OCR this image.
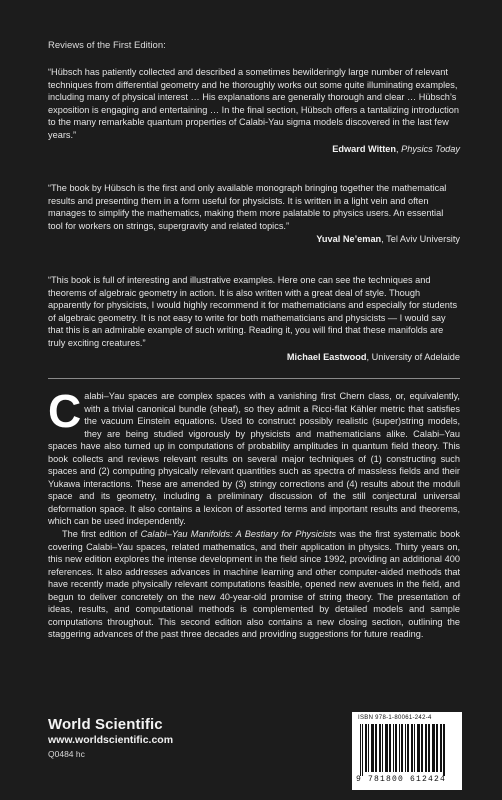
Reviews of the First Edition:

“Hübsch has patiently collected and described a sometimes bewilderingly large number of relevant techniques from differential geometry and he thoroughly works out some quite illuminating examples, including many of physical interest … His explanations are generally thorough and clear … Hübsch’s exposition is engaging and entertaining … In the final section, Hübsch offers a tantalizing introduction to the many remarkable quantum properties of Calabi-Yau sigma models discovered in the last few years.”

Edward Witten, Physics Today

“The book by Hübsch is the first and only available monograph bringing together the mathematical results and presenting them in a form useful for physicists. It is written in a light vein and often manages to simplify the mathematics, making them more palatable to physics users. An essential tool for workers on strings, supergravity and related topics.”

Yuval Ne’eman, Tel Aviv University

“This book is full of interesting and illustrative examples. Here one can see the techniques and theorems of algebraic geometry in action. It is also written with a great deal of style. Though apparently for physicists, I would highly recommend it for mathematicians and especially for students of algebraic geometry. It is not easy to write for both mathematicians and physicists — I would say that this is an admirable example of such writing. Reading it, you will find that these manifolds are truly exciting creatures.”

Michael Eastwood, University of Adelaide

Calabi–Yau spaces are complex spaces with a vanishing first Chern class, or, equivalently, with a trivial canonical bundle (sheaf), so they admit a Ricci-flat Kähler metric that satisfies the vacuum Einstein equations. Used to construct possibly realistic (super)string models, they are being studied vigorously by physicists and mathematicians alike. Calabi–Yau spaces have also turned up in computations of probability amplitudes in quantum field theory. This book collects and reviews relevant results on several major techniques of (1) constructing such spaces and (2) computing physically relevant quantities such as spectra of massless fields and their Yukawa interactions. These are amended by (3) stringy corrections and (4) results about the moduli space and its geometry, including a preliminary discussion of the still conjectural universal deformation space. It also contains a lexicon of assorted terms and important results and theorems, which can be used independently.

The first edition of Calabi–Yau Manifolds: A Bestiary for Physicists was the first systematic book covering Calabi–Yau spaces, related mathematics, and their application in physics. Thirty years on, this new edition explores the intense development in the field since 1992, providing an additional 400 references. It also addresses advances in machine learning and other computer-aided methods that have recently made physically relevant computations feasible, opened new avenues in the field, and begun to deliver concretely on the new 40-year-old promise of string theory. The presentation of ideas, results, and computational methods is complemented by detailed models and sample computations throughout. This second edition also contains a new closing section, outlining the staggering advances of the past three decades and providing suggestions for future reading.

World Scientific
www.worldscientific.com
Q0484 hc
ISBN 978-1-80061-242-4
9 781800 612424
